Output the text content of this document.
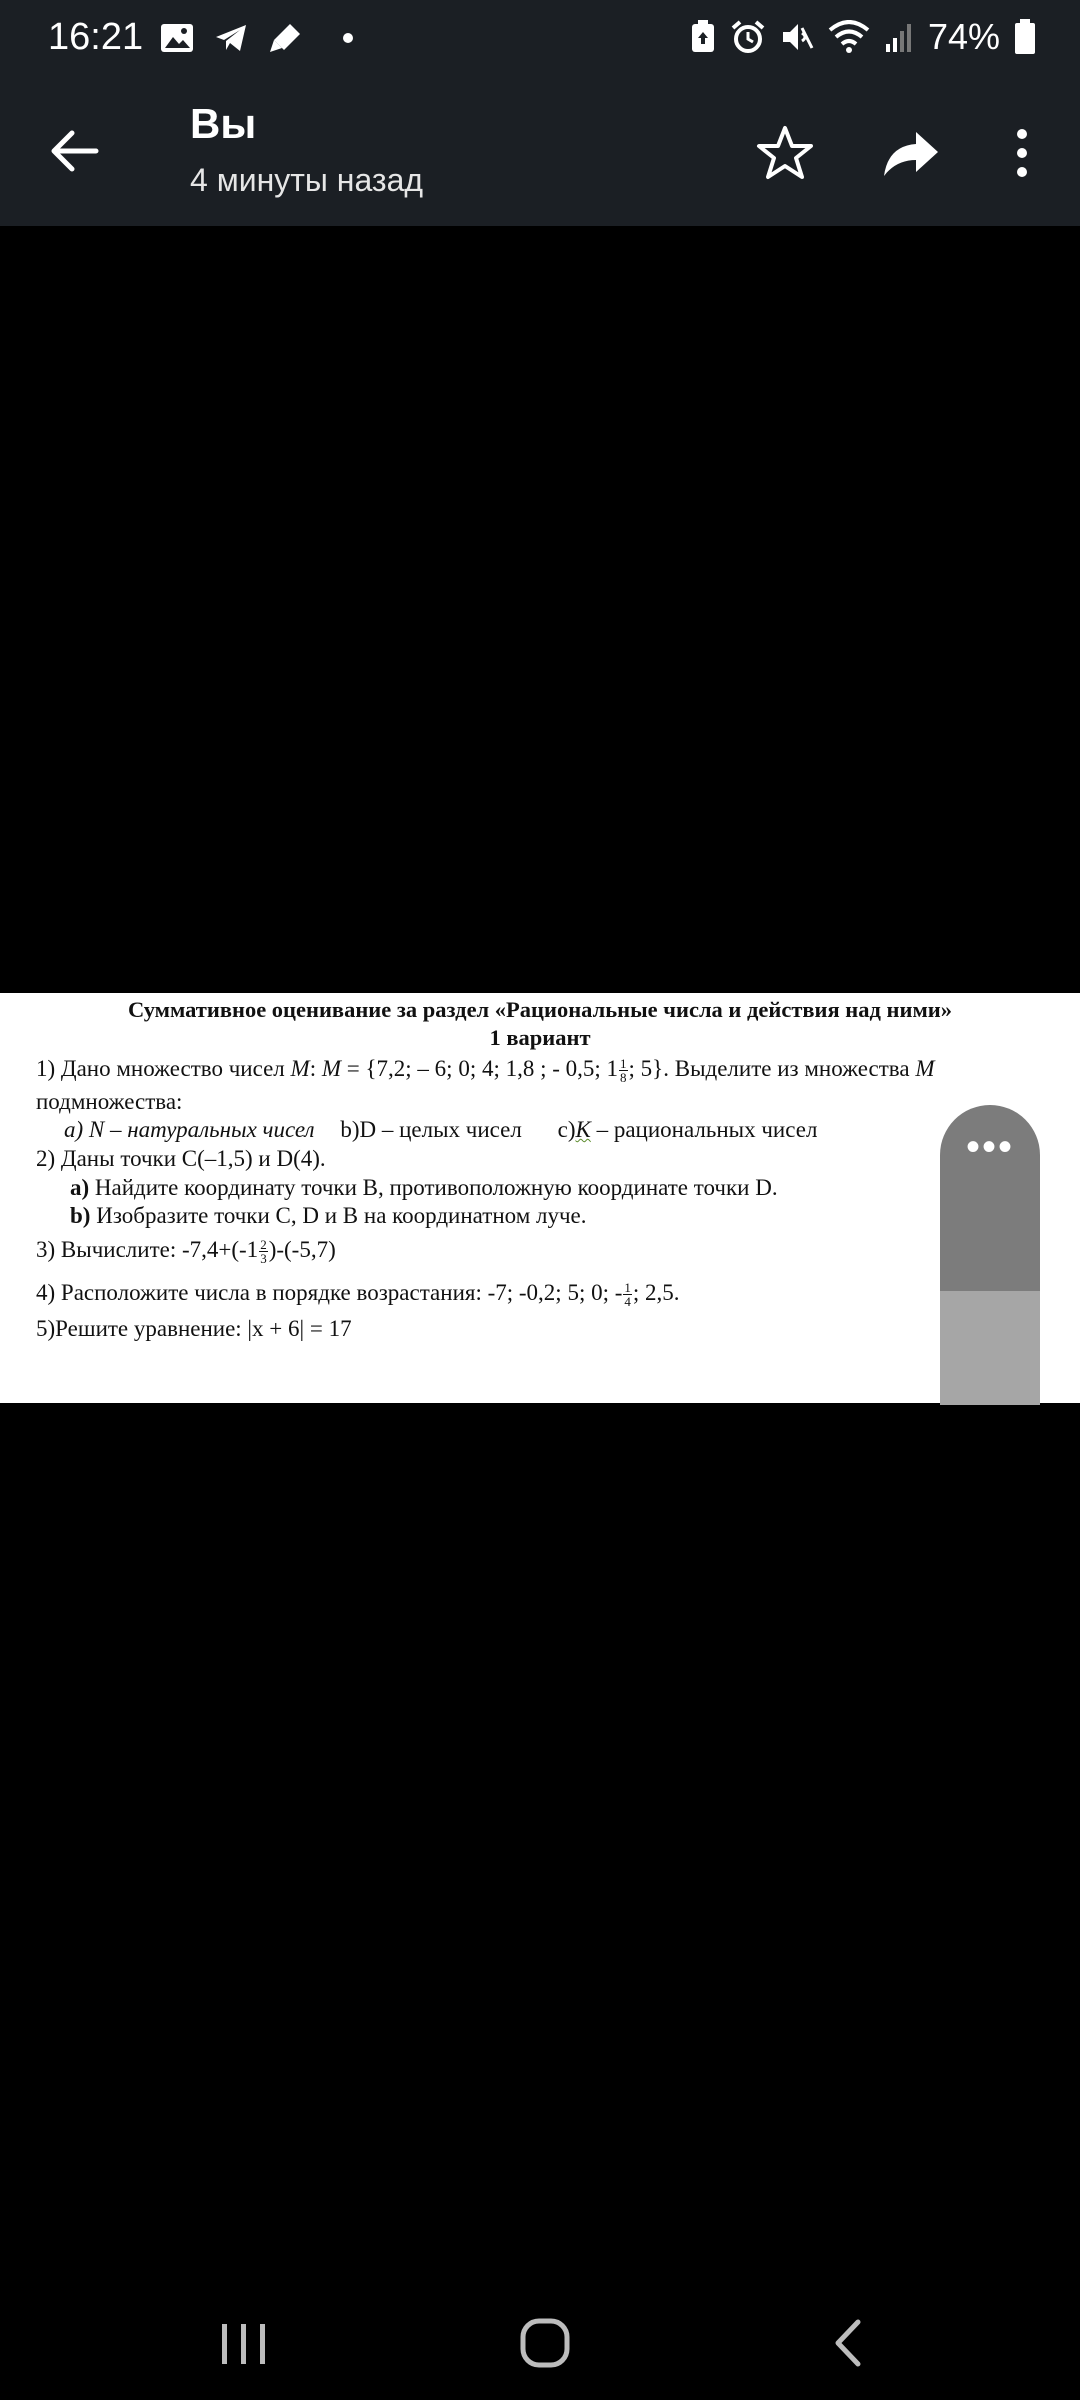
16:21	74%
Вы
4 минуты назад
Суммативное оценивание за раздел «Рациональные числа и действия над ними»
1 вариант
1) Дано множество чисел M: M = {7,2; – 6; 0; 4; 1,8 ; - 0,5; $1 \frac{1}{8}$ ; 5}. Выделите из множества M
подмножества:
a) N – натуральных чисел b)D – целых чисел c)K – рациональных чисел
2) Даны точки C(–1,5) и D(4).
a) Найдите координату точки B, противоположную координате точки D.
b) Изобразите точки C, D и B на координатном луче.
3) Вычислите: $-7,4+(-1 \frac{2}{3} )-(-5,7)$
4) Расположите числа в порядке возрастания: -7; -0,2; 5; 0; - $\frac{1}{4}$ ; 2,5.
5)Решите уравнение: |x + 6| = 17
•••
